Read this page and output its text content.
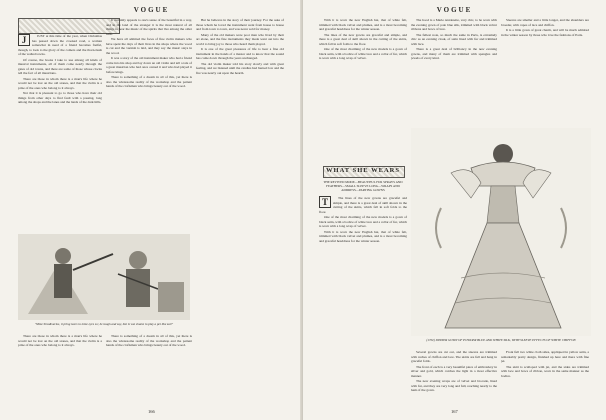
VOGUE
J	JUST at this time of the year, when Christmas has passed down the crooked road, a woman somewhat in need of a friend becomes fretful, though, to look to the glory of the comers and the thorn-bush of the walled towns.

Of course, the books I take to use among all kinds of musical instruments, all of them come nearly through the gates of old towns, and there are some of those whose clocks tell the fact of all musicians.

There are those in whom there is a man's life where he would not be lost on the old stones, and that the violin is a prize of the ones who belong to it always.

Not that it is pleasant to go to those who have their old things from other days to find fault with a passing, long among the shops and the lanes and the lands of the dark hills.

It certainly appeals to one's sense of the beautiful in a way, and in the land of the stranger it is the most natural of all things to hear the music of the spirits that live among the older hills.

We have all admired the faces of fine violin makers who have spent the days of their lives in the shops where the wood is cut and the varnish is laid, and they say the music stays in the wood.

It was a story of the old instrument maker who had a friend come into his shop and lay down an old violin and tell a tale of a great musician who had once owned it and who had played it before kings.

There is something of a dream in all of this, yet there is also the wholesome reality of the workshop and the patient hands of the craftsman who brings beauty out of the wood.

But he believes in the story of their journey. For the sake of those whom he loved the instrument went from house to house and from town to town, and was never sold for money.

Many of the old makers were poor men who lived by their art alone, and the fine instruments they made went out into the world to bring joy to those who heard them played.

It is one of the great pleasures of life to hear a fine old instrument in the hands of a master and to know that the sound has come down through the years unchanged.

The old violin maker told his story slowly and with great feeling, and we listened until the candles had burned low and the fire was nearly out upon the hearth.

"Mine Stradivarius, it pring tears to mine eyes so; he laugh and say, Zat is von shame to play a pet like zat!"

There are those in whom there is a man's life where he would not be lost on the old stones, and that the violin is a prize of the ones who belong to it always.

There is something of a dream in all of this, yet there is also the wholesome reality of the workshop and the patient hands of the craftsman who brings beauty out of the wood.

166
VOGUE

With it is worn the new English hat, that of white felt, trimmed with black velvet and plumes, and is a most becoming and graceful headdress for the winter season.

The lines of the new gowns are graceful and simple, and there is a great deal of skill shown in the cutting of the skirts, which fall in soft folds to the floor.

One of the most charming of the new models is a gown of black satin, with a bodice of white lace and a collar of fur, which is worn with a long wrap of velvet.

The hood is a Marie Antoinette, very chic, to be worn with the evening gown of pale blue silk, trimmed with black velvet ribbons and bows of lace.

The fullest note, so much the same in Paris, is extremely chic as an evening cloak, of satin lined with fur and trimmed with lace.

There is a great deal of brilliancy in the new evening gowns, and many of them are trimmed with spangles and jewels of every kind.

Sleeves are smaller and a little longer, and the shoulders are broader, with capes of lace and chiffon.

It is a little gown of great charm, and will be much admired in the winter season by those who love the fashions of Paris.

WHAT SHE WEARS
THE REVIVED MODE—BEAUTIFUL FUR SPRAYS AND FEATHERS—SMALL SLEEVE LONG—WRAPS AND ADDRESS—PARTING GOWNS
T	The lines of the new gowns are graceful and simple, and there is a great deal of skill shown in the cutting of the skirts, which fall in soft folds to the floor.

One of the most charming of the new models is a gown of black satin, with a bodice of white lace and a collar of fur, which is worn with a long wrap of velvet.

With it is worn the new English hat, that of white felt, trimmed with black velvet and plumes, and is a most becoming and graceful headdress for the winter season.

(1702) DINNER GOWN OF POWDER BLUE AND WHITE SILK, WITH SLEEVE EFFECTS OF WHITE CHIFFON

Several gowns are cut out, and the sleeves are trimmed with ruches of chiffon and lace. The skirts are full and hang in graceful folds.

The front of each is a very beautiful piece of embroidery in silver and gold, which catches the light in a most effective manner.

The new evening wraps are of velvet and brocade, lined with fur, and they are very long and full, reaching nearly to the hem of the gown.

Front full two white cloth sides, appliqued in yellow satin, a remarkably pretty design, finished up here and there with fine jet.

The skirt is scalloped with jet, and the sides are trimmed with lace and bows of ribbon, worn in the same manner as the bodice.

167
